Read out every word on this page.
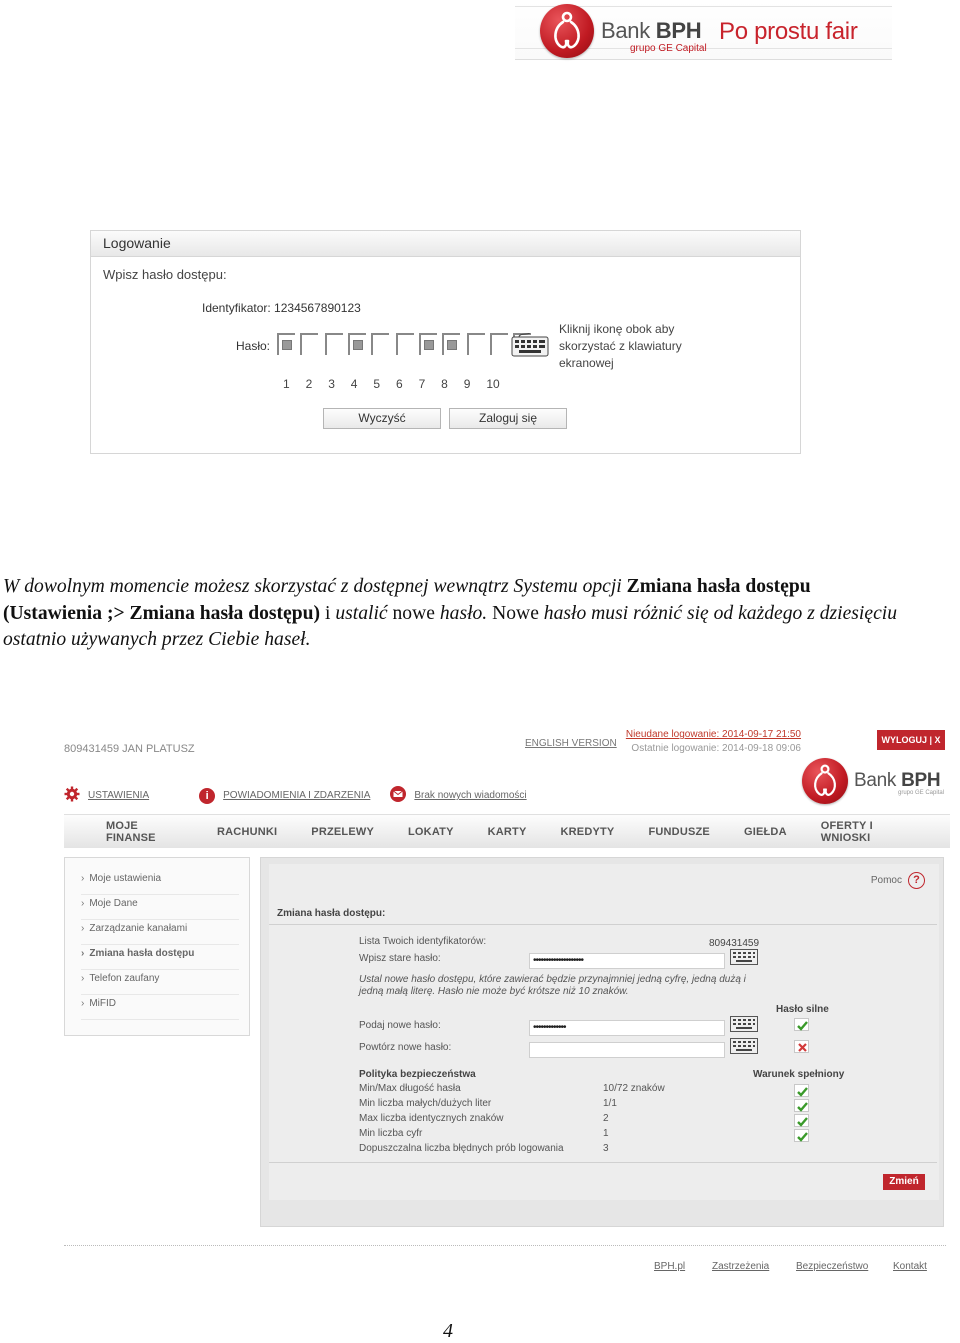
Bank BPH
grupo GE Capital
Po prostu fair
Logowanie
Wpisz hasło dostępu:
Identyfikator: 1234567890123
Hasło:
Kliknij ikonę obok aby skorzystać z klawiatury ekranowej
1	2	3	4	5	6	7	8	9	10
Wyczyść	Zaloguj się

W dowolnym momencie możesz skorzystać z dostępnej wewnątrz Systemu opcji Zmiana hasła dostępu (Ustawienia ;> Zmiana hasła dostępu) i ustalić nowe hasło. Nowe hasło musi różnić się od każdego z dziesięciu ostatnio używanych przez Ciebie haseł.

809431459 JAN PLATUSZ	ENGLISH VERSION
Nieudane logowanie: 2014-09-17 21:50
Ostatnie logowanie: 2014-09-18 09:06
WYLOGUJ | X
Bank BPH
grupo GE Capital
USTAWIENIA	i	POWIADOMIENIA I ZDARZENIA	Brak nowych wiadomości
MOJE FINANSE	RACHUNKI	PRZELEWY	LOKATY	KARTY	KREDYTY	FUNDUSZE	GIEŁDA	OFERTY I WNIOSKI
› Moje ustawienia
› Moje Dane
› Zarządzanie kanałami
› Zmiana hasła dostępu
› Telefon zaufany
› MiFID
Pomoc	?
Zmiana hasła dostępu:
Lista Twoich identyfikatorów:	809431459
Wpisz stare hasło:	••••••••••••••••••••
Ustal nowe hasło dostępu, które zawierać będzie przynajmniej jedną cyfrę, jedną dużą i jedną małą literę. Hasło nie może być krótsze niż 10 znaków.
Hasło silne
Podaj nowe hasło:	•••••••••••••
Powtórz nowe hasło:
Polityka bezpieczeństwa	Warunek spełniony
Min/Max długość hasła	10/72 znaków
Min liczba małych/dużych liter	1/1
Max liczba identycznych znaków	2
Min liczba cyfr	1
Dopuszczalna liczba błędnych prób logowania	3
Zmień
BPH.pl	Zastrzeżenia	Bezpieczeństwo Kontakt
4
